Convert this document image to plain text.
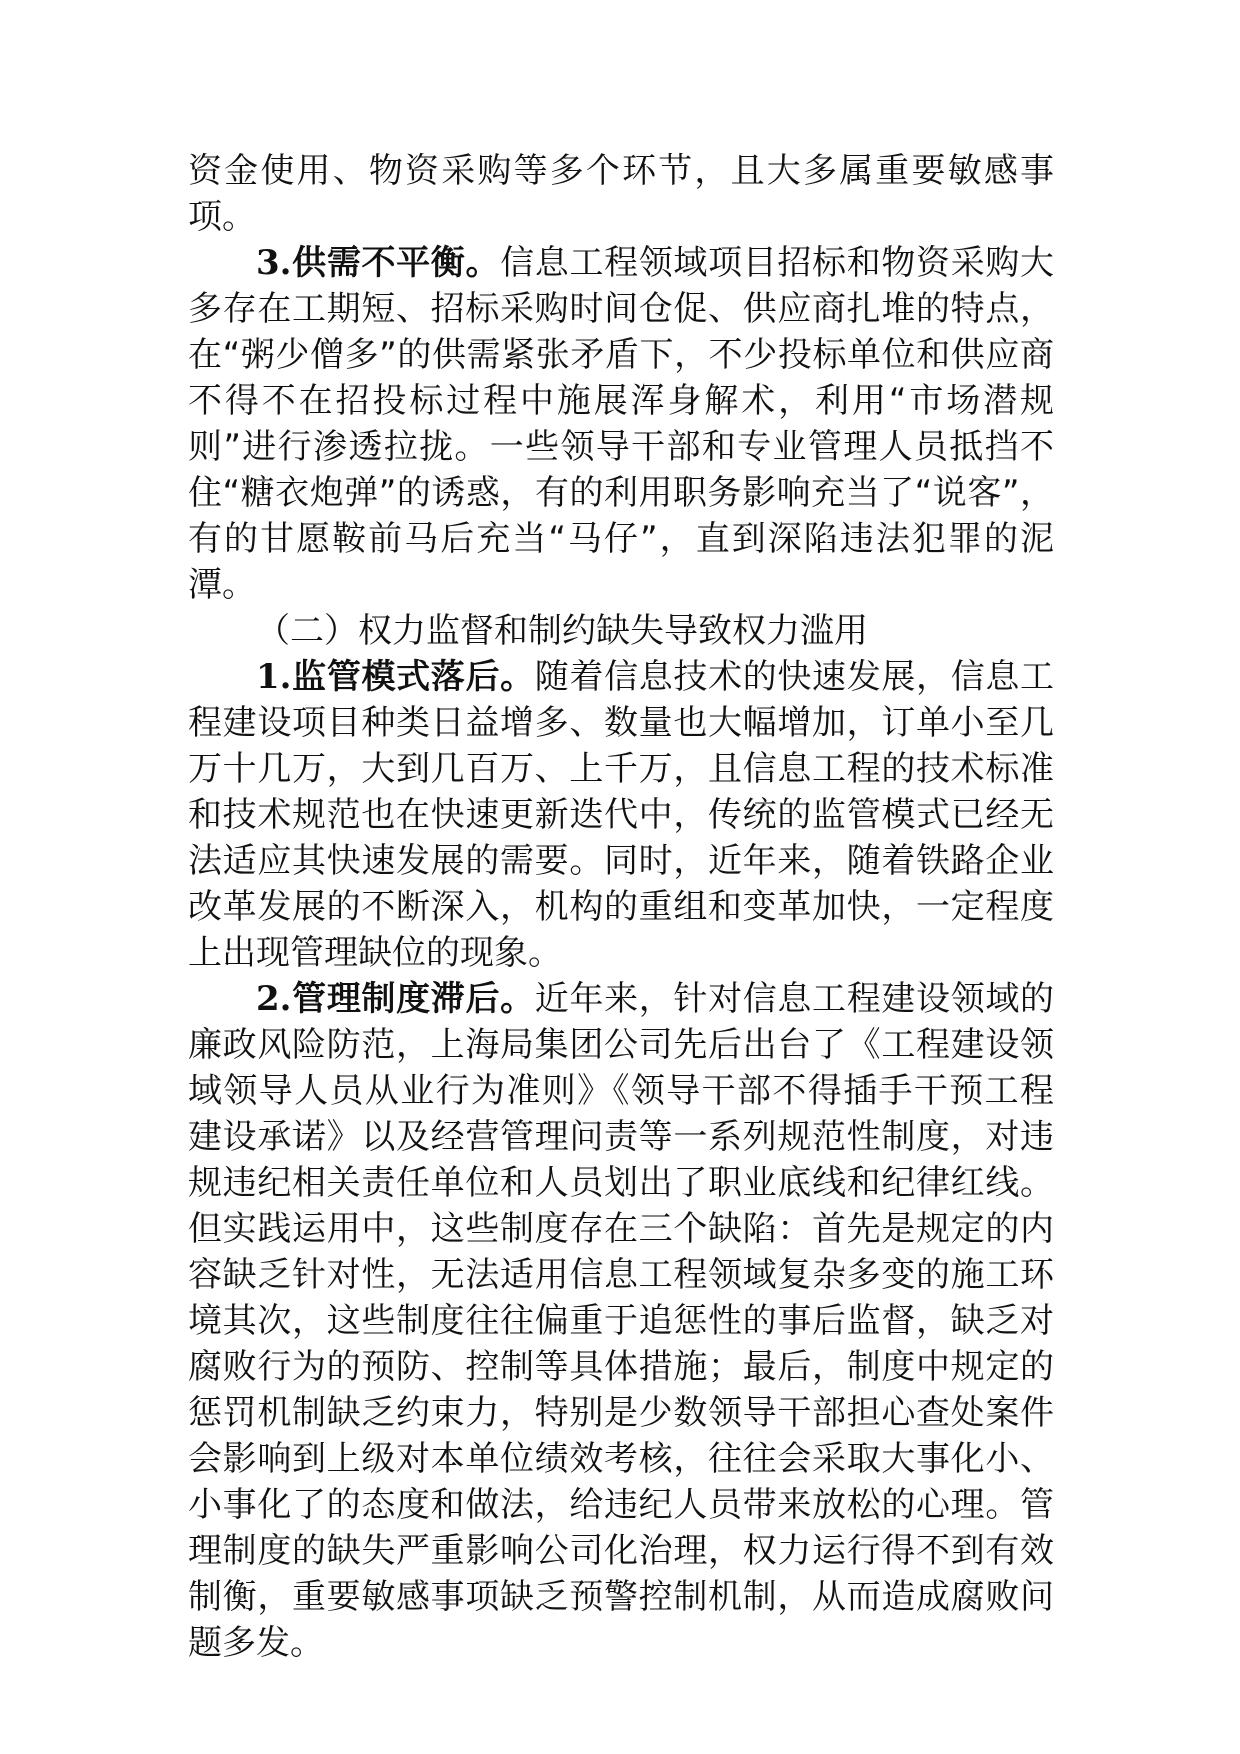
资金使用、物资采购等多个环节，且大多属重要敏感事项。

3.供需不平衡。信息工程领域项目招标和物资采购大多存在工期短、招标采购时间仓促、供应商扎堆的特点，在“粥少僧多”的供需紧张矛盾下，不少投标单位和供应商不得不在招投标过程中施展浑身解术，利用“市场潜规则”进行渗透拉拢。一些领导干部和专业管理人员抵挡不住“糖衣炮弹”的诱惑，有的利用职务影响充当了“说客”，有的甘愿鞍前马后充当“马仔”，直到深陷违法犯罪的泥潭。

（二）权力监督和制约缺失导致权力滥用

1.监管模式落后。随着信息技术的快速发展，信息工程建设项目种类日益增多、数量也大幅增加，订单小至几万十几万，大到几百万、上千万，且信息工程的技术标准和技术规范也在快速更新迭代中，传统的监管模式已经无法适应其快速发展的需要。同时，近年来，随着铁路企业改革发展的不断深入，机构的重组和变革加快，一定程度上出现管理缺位的现象。

2.管理制度滞后。近年来，针对信息工程建设领域的廉政风险防范，上海局集团公司先后出台了《工程建设领域领导人员从业行为准则》《领导干部不得插手干预工程建设承诺》以及经营管理问责等一系列规范性制度，对违规违纪相关责任单位和人员划出了职业底线和纪律红线。但实践运用中，这些制度存在三个缺陷：首先是规定的内容缺乏针对性，无法适用信息工程领域复杂多变的施工环境其次，这些制度往往偏重于追惩性的事后监督，缺乏对腐败行为的预防、控制等具体措施；最后，制度中规定的惩罚机制缺乏约束力，特别是少数领导干部担心查处案件会影响到上级对本单位绩效考核，往往会采取大事化小、小事化了的态度和做法，给违纪人员带来放松的心理。管理制度的缺失严重影响公司化治理，权力运行得不到有效制衡，重要敏感事项缺乏预警控制机制，从而造成腐败问题多发。
